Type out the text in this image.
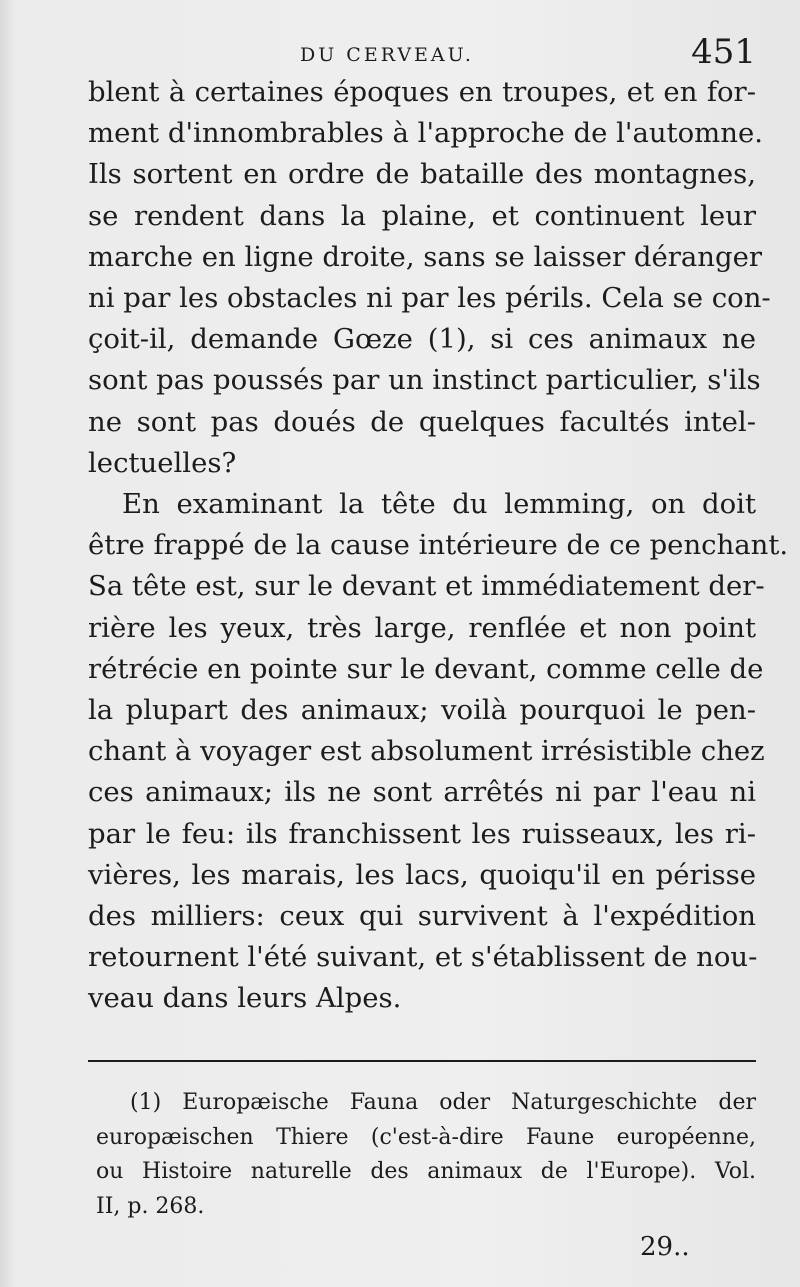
DU CERVEAU.	451
blent à certaines époques en troupes, et en for-
ment d'innombrables à l'approche de l'automne.
Ils sortent en ordre de bataille des montagnes,
se rendent dans la plaine, et continuent leur
marche en ligne droite, sans se laisser déranger
ni par les obstacles ni par les périls. Cela se con-
çoit-il, demande Gœze (1), si ces animaux ne
sont pas poussés par un instinct particulier, s'ils
ne sont pas doués de quelques facultés intel-
lectuelles?
En examinant la tête du lemming, on doit
être frappé de la cause intérieure de ce penchant.
Sa tête est, sur le devant et immédiatement der-
rière les yeux, très large, renflée et non point
rétrécie en pointe sur le devant, comme celle de
la plupart des animaux; voilà pourquoi le pen-
chant à voyager est absolument irrésistible chez
ces animaux; ils ne sont arrêtés ni par l'eau ni
par le feu: ils franchissent les ruisseaux, les ri-
vières, les marais, les lacs, quoiqu'il en périsse
des milliers: ceux qui survivent à l'expédition
retournent l'été suivant, et s'établissent de nou-
veau dans leurs Alpes.
(1) Europæische Fauna oder Naturgeschichte der
europæischen Thiere (c'est-à-dire Faune européenne,
ou Histoire naturelle des animaux de l'Europe). Vol.
II, p. 268.
29..
